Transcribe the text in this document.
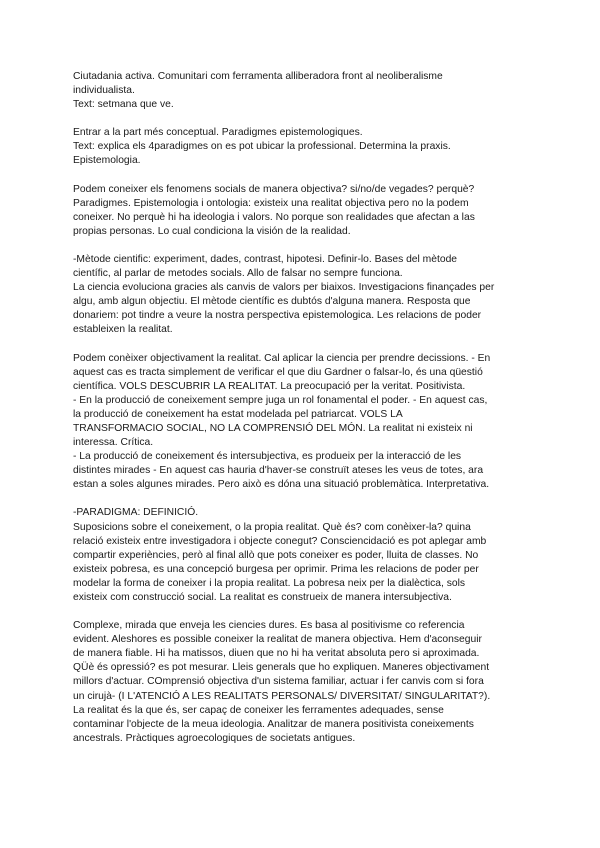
Ciutadania activa. Comunitari com ferramenta alliberadora front al neoliberalisme
individualista.
Text: setmana que ve.
Entrar a la part més conceptual. Paradigmes epistemologiques.
Text: explica els 4paradigmes on es pot ubicar la professional. Determina la praxis.
Epistemologia.
Podem coneixer els fenomens socials de manera objectiva? si/no/de vegades? perquè?
Paradigmes. Epistemologia i ontologia: existeix una realitat objectiva pero no la podem
coneixer. No perquè hi ha ideologia i valors. No porque son realidades que afectan a las
propias personas. Lo cual condiciona la visión de la realidad.
-Mètode cientific: experiment, dades, contrast, hipotesi. Definir-lo. Bases del mètode
científic, al parlar de metodes socials. Allo de falsar no sempre funciona.
La ciencia evoluciona gracies als canvis de valors per biaixos. Investigacions finançades per
algu, amb algun objectiu. El mètode científic es dubtós d'alguna manera. Resposta que
donariem: pot tindre a veure la nostra perspectiva epistemologica. Les relacions de poder
estableixen la realitat.
Podem conèixer objectivament la realitat. Cal aplicar la ciencia per prendre decissions. - En
aquest cas es tracta simplement de verificar el que diu Gardner o falsar-lo, és una qüestió
científica. VOLS DESCUBRIR LA REALITAT. La preocupació per la veritat. Positivista.
- En la producció de coneixement sempre juga un rol fonamental el poder. - En aquest cas,
la producció de coneixement ha estat modelada pel patriarcat. VOLS LA
TRANSFORMACIO SOCIAL, NO LA COMPRENSIÓ DEL MÓN. La realitat ni existeix ni
interessa. Crítica.
- La producció de coneixement és intersubjectiva, es produeix per la interacció de les
distintes mirades - En aquest cas hauria d'haver-se construït ateses les veus de totes, ara
estan a soles algunes mirades. Pero això es dóna una situació problemàtica. Interpretativa.
-PARADIGMA: DEFINICIÓ.
Suposicions sobre el coneixement, o la propia realitat. Què és? com conèixer-la? quina
relació existeix entre investigadora i objecte conegut? Consciencidació es pot aplegar amb
compartir experiències, però al final allò que pots coneixer es poder, lluita de classes. No
existeix pobresa, es una concepció burgesa per oprimir. Prima les relacions de poder per
modelar la forma de coneixer i la propia realitat. La pobresa neix per la dialèctica, sols
existeix com construcció social. La realitat es construeix de manera intersubjectiva.
Complexe, mirada que enveja les ciencies dures. Es basa al positivisme co referencia
evident. Aleshores es possible coneixer la realitat de manera objectiva. Hem d'aconseguir
de manera fiable. Hi ha matissos, diuen que no hi ha veritat absoluta pero si aproximada.
QÜè és opressió? es pot mesurar. Lleis generals que ho expliquen. Maneres objectivament
millors d'actuar. COmprensió objectiva d'un sistema familiar, actuar i fer canvis com si fora
un cirujà- (I L'ATENCIÓ A LES REALITATS PERSONALS/ DIVERSITAT/ SINGULARITAT?).
La realitat és la que és, ser capaç de coneixer les ferramentes adequades, sense
contaminar l'objecte de la meua ideologia. Analitzar de manera positivista coneixements
ancestrals. Pràctiques agroecologiques de societats antigues.
